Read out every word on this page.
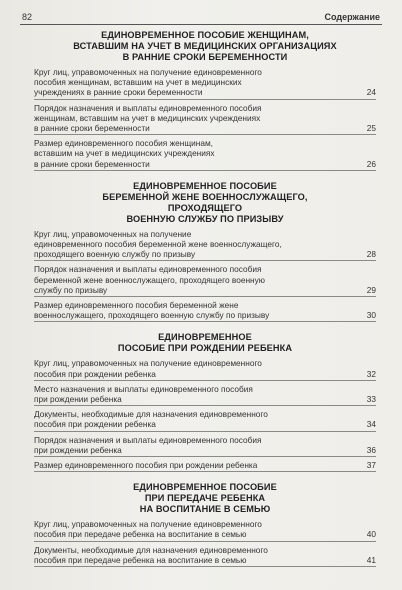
82	Содержание
ЕДИНОВРЕМЕННОЕ ПОСОБИЕ ЖЕНЩИНАМ,
ВСТАВШИМ НА УЧЕТ В МЕДИЦИНСКИХ ОРГАНИЗАЦИЯХ
В РАННИЕ СРОКИ БЕРЕМЕННОСТИ
Круг лиц, управомоченных на получение единовременного
пособия женщинам, вставшим на учет в медицинских
учреждениях в ранние сроки беременности	24
Порядок назначения и выплаты единовременного пособия
женщинам, вставшим на учет в медицинских учреждениях
в ранние сроки беременности	25
Размер единовременного пособия женщинам,
вставшим на учет в медицинских учреждениях
в ранние сроки беременности	26
ЕДИНОВРЕМЕННОЕ ПОСОБИЕ
БЕРЕМЕННОЙ ЖЕНЕ ВОЕННОСЛУЖАЩЕГО,
ПРОХОДЯЩЕГО
ВОЕННУЮ СЛУЖБУ ПО ПРИЗЫВУ
Круг лиц, управомоченных на получение
единовременного пособия беременной жене военнослужащего,
проходящего военную службу по призыву	28
Порядок назначения и выплаты единовременного пособия
беременной жене военнослужащего, проходящего военную
службу по призыву	29
Размер единовременного пособия беременной жене
военнослужащего, проходящего военную службу по призыву	30
ЕДИНОВРЕМЕННОЕ
ПОСОБИЕ ПРИ РОЖДЕНИИ РЕБЕНКА
Круг лиц, управомоченных на получение единовременного
пособия при рождении ребенка	32
Место назначения и выплаты единовременного пособия
при рождении ребенка	33
Документы, необходимые для назначения единовременного
пособия при рождении ребенка	34
Порядок назначения и выплаты единовременного пособия
при рождении ребенка	36
Размер единовременного пособия при рождении ребенка	37
ЕДИНОВРЕМЕННОЕ ПОСОБИЕ
ПРИ ПЕРЕДАЧЕ РЕБЕНКА
НА ВОСПИТАНИЕ В СЕМЬЮ
Круг лиц, управомоченных на получение единовременного
пособия при передаче ребенка на воспитание в семью	40
Документы, необходимые для назначения единовременного
пособия при передаче ребенка на воспитание в семью	41
